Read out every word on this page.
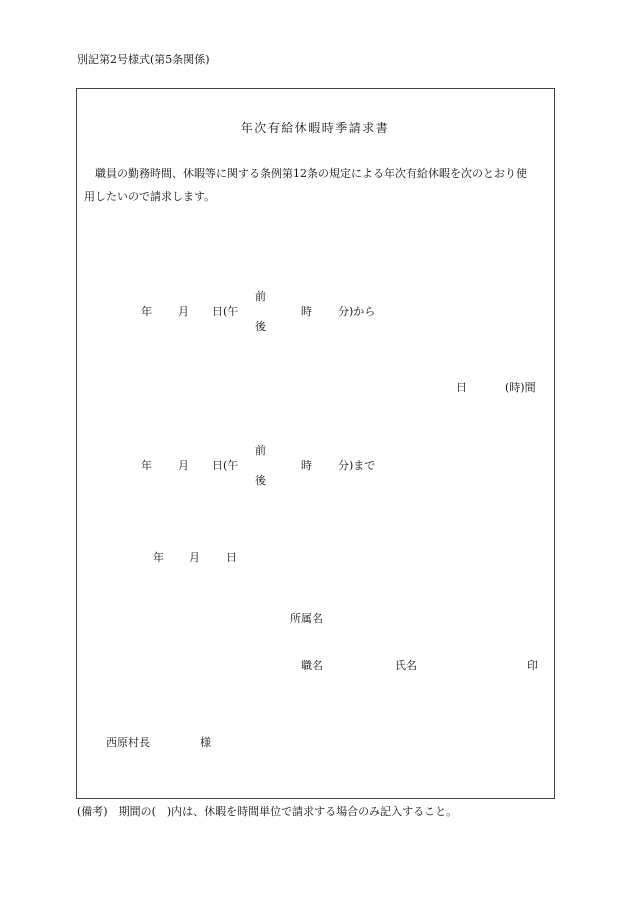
別記第2号様式(第5条関係)
年次有給休暇時季請求書
職員の勤務時間、休暇等に関する条例第12条の規定による年次有給休暇を次のとおり使
用したいので請求します。
年 月 日(午
前
後
時 分)から
日	(時)間
年 月 日(午
前
後
時 分)まで
年 月 日
所属名
職名	氏名	印
西原村長	様
(備考)　期間の(　)内は、休暇を時間単位で請求する場合のみ記入すること。
